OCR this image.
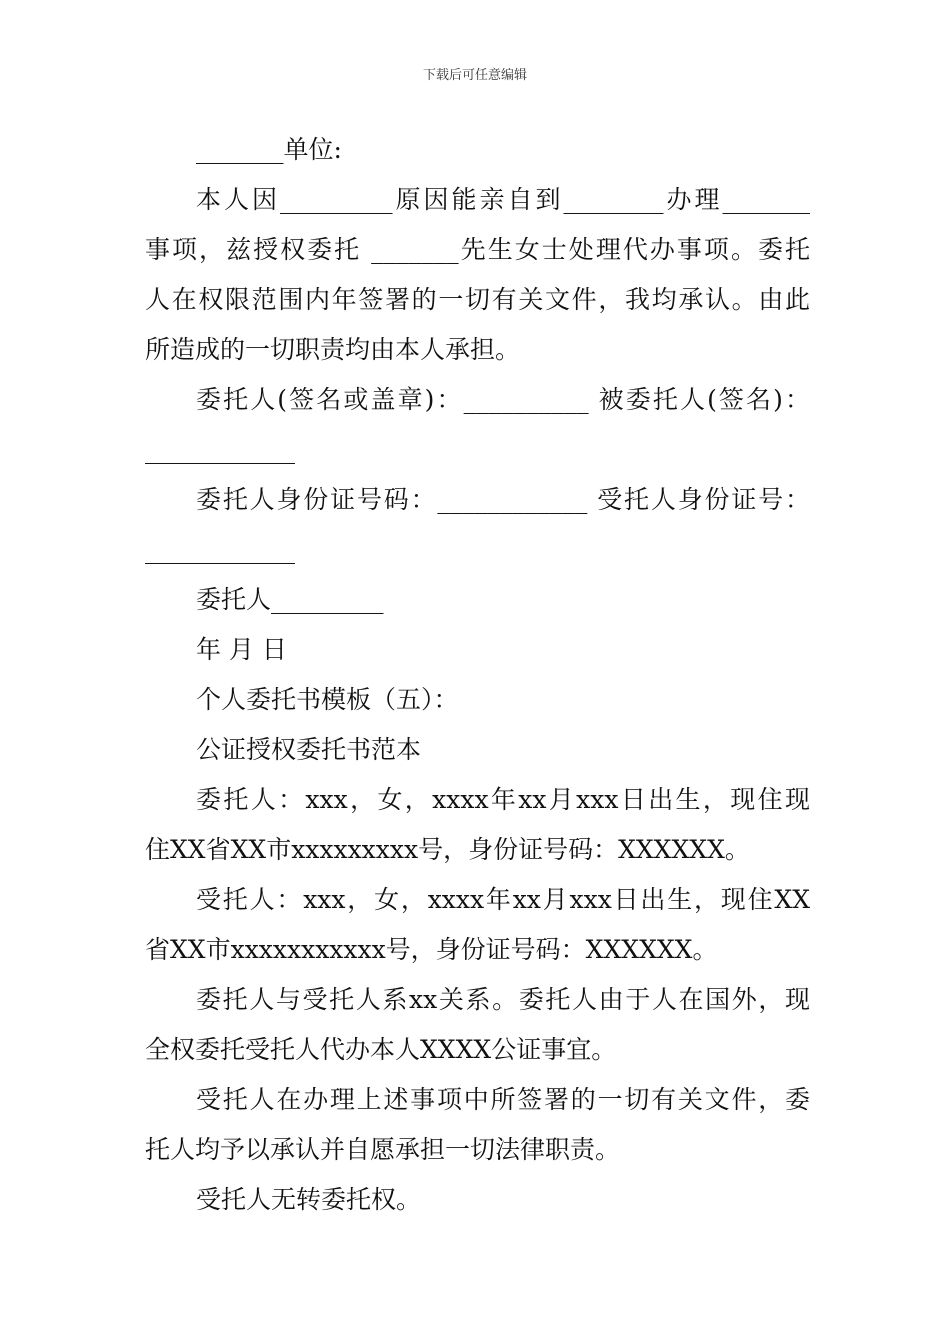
下载后可任意编辑
_______单位:
本人因_________原因能亲自到________办理_______
事项，兹授权委托 _______先生女士处理代办事项。委托
人在权限范围内年签署的一切有关文件，我均承认。由此
所造成的一切职责均由本人承担。
委托人(签名或盖章)：__________ 被委托人(签名)：
____________
委托人身份证号码：____________ 受托人身份证号：
____________
委托人_________
年 月 日
个人委托书模板（五）：
公证授权委托书范本
委托人：xxx，女，xxxx年xx月xxx日出生，现住现
住XX省XX市xxxxxxxxx号，身份证号码：XXXXXX。
受托人：xxx，女，xxxx年xx月xxx日出生，现住XX
省XX市xxxxxxxxxxx号，身份证号码：XXXXXX。
委托人与受托人系xx关系。委托人由于人在国外，现
全权委托受托人代办本人XXXX公证事宜。
受托人在办理上述事项中所签署的一切有关文件，委
托人均予以承认并自愿承担一切法律职责。
受托人无转委托权。
